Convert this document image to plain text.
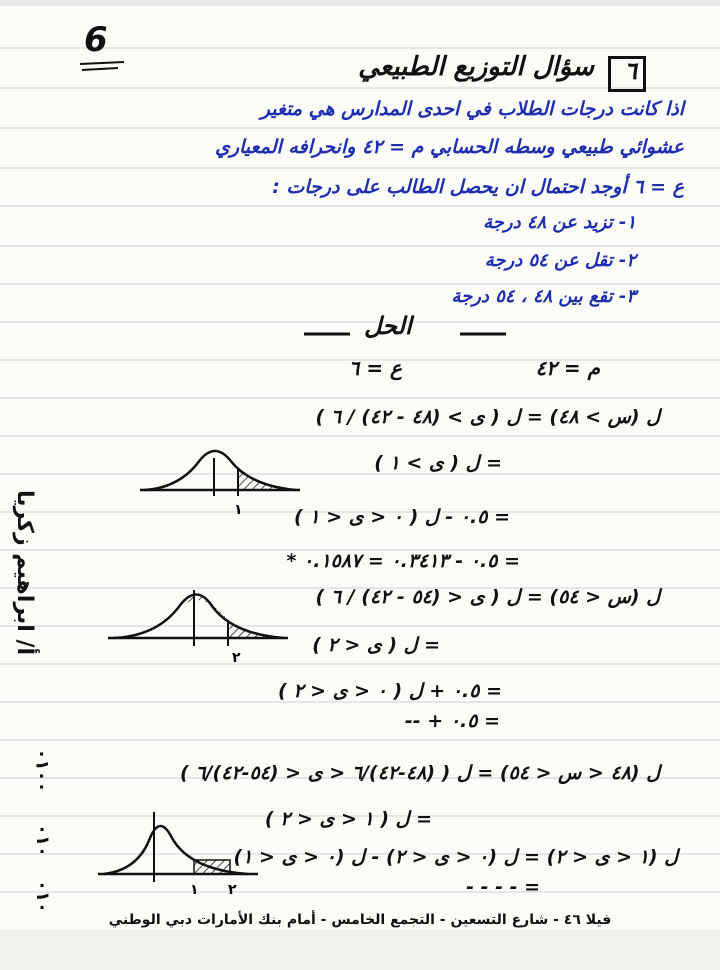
6
٦
سؤال التوزيع الطبيعي
اذا كانت درجات الطلاب في احدى المدارس هي متغير
عشوائي طبيعي وسطه الحسابي م = ٤٢ وانحرافه المعياري
ع = ٦ أوجد احتمال ان يحصل الطالب على درجات :
١- تزيد عن ٤٨ درجة
٢- تقل عن ٥٤ درجة
٣- تقع بين ٤٨ ، ٥٤ درجة
الحل
م = ٤٢
ع = ٦
ل (س > ٤٨) = ل ( ى > (٤٨ - ٤٢) / ٦ )
= ل ( ى > ١ )
= ٠.٥ - ل ( ٠ < ى < ١ )
= ٠.٥ - ٠.٣٤١٣ = ٠.١٥٨٧ *
١
ل (س < ٥٤) = ل ( ى < (٥٤ - ٤٢) / ٦ )
= ل ( ى < ٢ )
= ٠.٥ + ل ( ٠ < ى < ٢ )
= ٠.٥ + --
٢
ل (٤٨ < س < ٥٤) = ل ( (٤٨-٤٢)/٦ < ى < (٥٤-٤٢)/٦ )
= ل ( ١ < ى < ٢ )
ل (١ < ى < ٢) = ل (٠ < ى < ٢) - ل (٠ < ى < ١)
= - - - -
١ ٢
أ/ ابراهيم زكريا
٠١٠٠
٠١٠
٠١٠
فيلا ٤٦ - شارع التسعين - التجمع الخامس - أمام بنك الأمارات دبي الوطني
